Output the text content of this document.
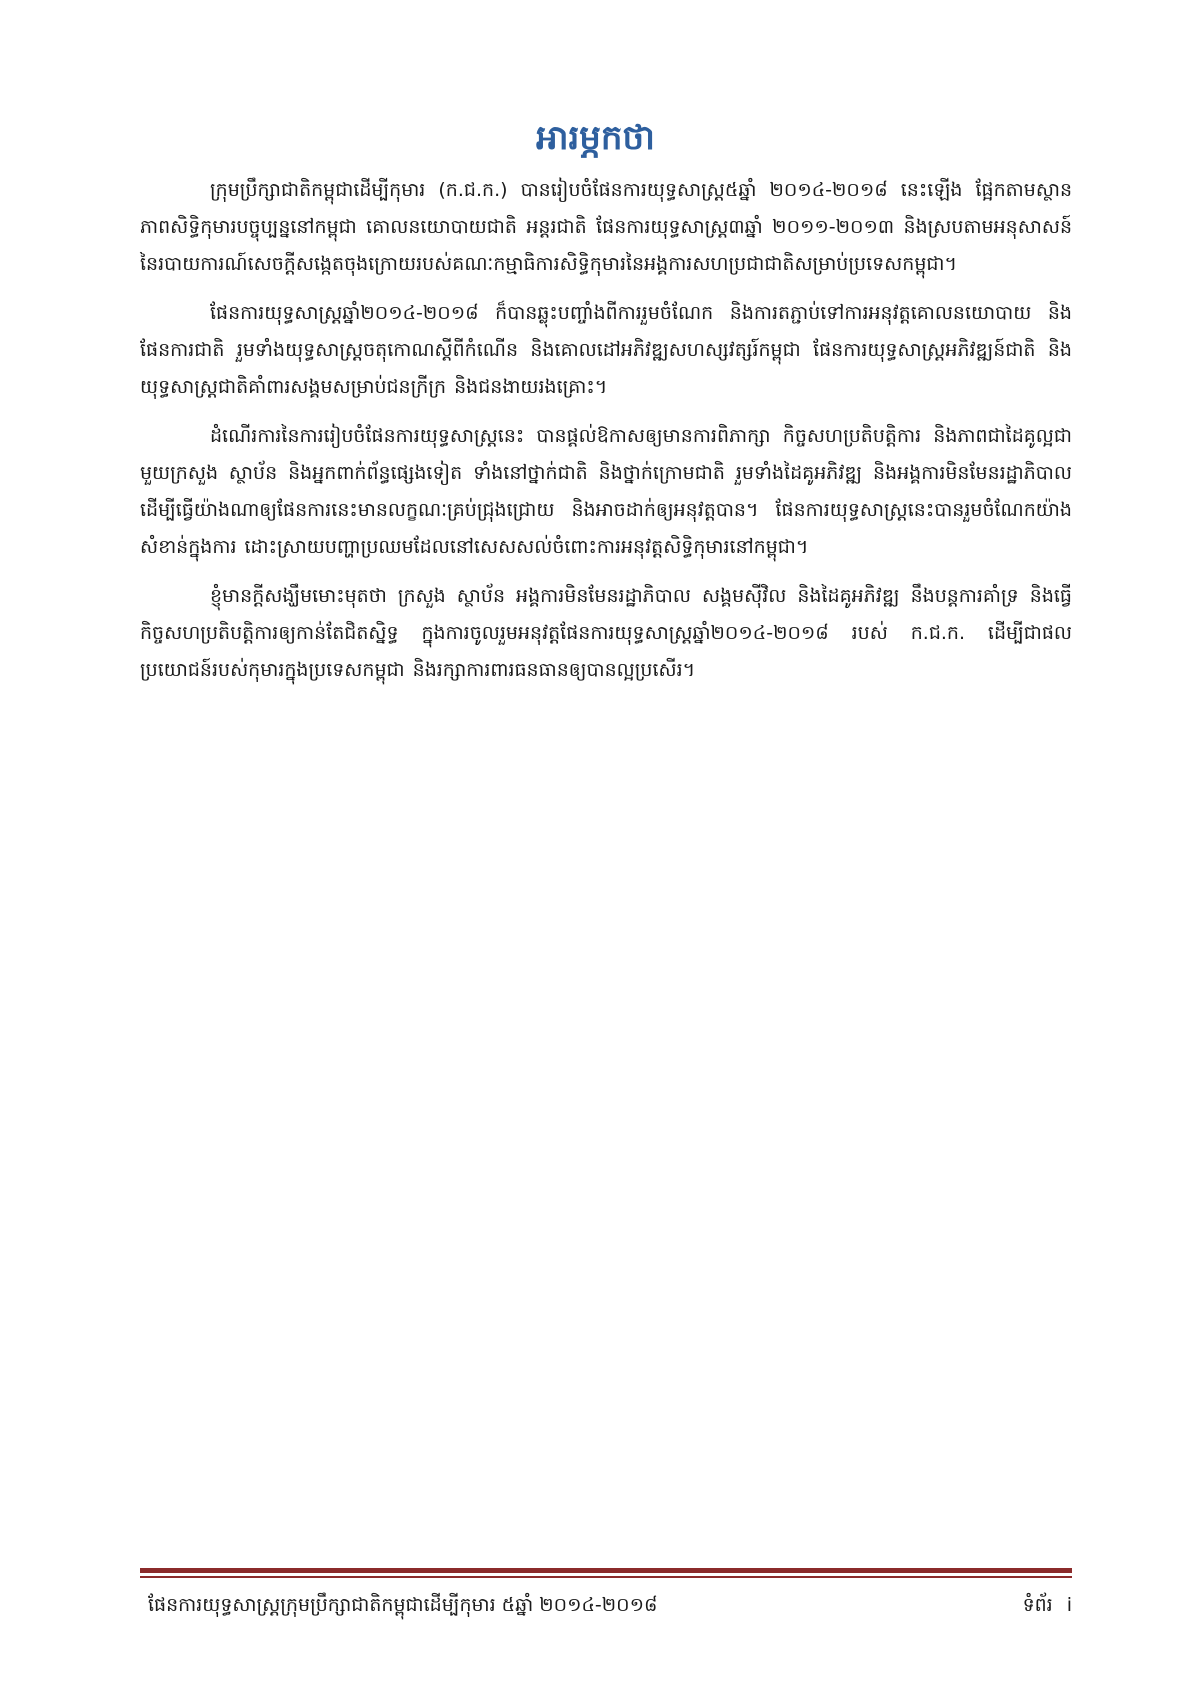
អារម្ភកថា

ក្រុមប្រឹក្សាជាតិកម្ពុជាដើម្បីកុមារ (ក.ជ.ក.) បានរៀបចំផែនការយុទ្ធសាស្ត្រ៥ឆ្នាំ ២០១៤-២០១៨ នេះឡើង ផ្អែកតាមស្ថានភាពសិទ្ធិកុមារបច្ចុប្បន្ននៅកម្ពុជា គោលនយោបាយជាតិ អន្តរជាតិ ផែនការយុទ្ធសាស្ត្រ៣ឆ្នាំ ២០១១-២០១៣ និងស្របតាមអនុសាសន៍នៃរបាយការណ៍សេចក្តីសង្កេតចុងក្រោយរបស់គណៈកម្មាធិការសិទ្ធិកុមារនៃអង្គការសហប្រជាជាតិសម្រាប់ប្រទេសកម្ពុជា។

ផែនការយុទ្ធសាស្ត្រឆ្នាំ២០១៤-២០១៨ ក៏បានឆ្លុះបញ្ចាំងពីការរួមចំណែក និងការតភ្ជាប់ទៅការអនុវត្តគោលនយោបាយ និងផែនការជាតិ រួមទាំងយុទ្ធសាស្ត្រចតុកោណស្តីពីកំណើន និងគោលដៅអភិវឌ្ឍសហស្សវត្សរ៍កម្ពុជា ផែនការយុទ្ធសាស្ត្រអភិវឌ្ឍន៍ជាតិ និងយុទ្ធសាស្ត្រជាតិគាំពារសង្គមសម្រាប់ជនក្រីក្រ និងជនងាយរងគ្រោះ។

ដំណើរការនៃការរៀបចំផែនការយុទ្ធសាស្ត្រនេះ បានផ្តល់ឱកាសឲ្យមានការពិភាក្សា កិច្ចសហប្រតិបត្តិការ និងភាពជាដៃគូល្អជាមួយក្រសួង ស្ថាប័ន និងអ្នកពាក់ព័ន្ធផ្សេងទៀត ទាំងនៅថ្នាក់ជាតិ និងថ្នាក់ក្រោមជាតិ រួមទាំងដៃគូអភិវឌ្ឍ និងអង្គការមិនមែនរដ្ឋាភិបាល ដើម្បីធ្វើយ៉ាងណាឲ្យផែនការនេះមានលក្ខណៈគ្រប់ជ្រុងជ្រោយ និងអាចដាក់ឲ្យអនុវត្តបាន។ ផែនការយុទ្ធសាស្ត្រនេះបានរួមចំណែកយ៉ាងសំខាន់ក្នុងការ ដោះស្រាយបញ្ហាប្រឈមដែលនៅសេសសល់ចំពោះការអនុវត្តសិទ្ធិកុមារនៅកម្ពុជា។

ខ្ញុំមានក្តីសង្ឃឹមមោះមុតថា ក្រសួង ស្ថាប័ន អង្គការមិនមែនរដ្ឋាភិបាល សង្គមស៊ីវិល និងដៃគូអភិវឌ្ឍ នឹងបន្តការគាំទ្រ និងធ្វើកិច្ចសហប្រតិបត្តិការឲ្យកាន់តែជិតស្និទ្ធ ក្នុងការចូលរួមអនុវត្តផែនការយុទ្ធសាស្ត្រឆ្នាំ២០១៤-២០១៨ របស់ ក.ជ.ក. ដើម្បីជាផលប្រយោជន៍របស់កុមារក្នុងប្រទេសកម្ពុជា និងរក្សាការពារធនធានឲ្យបានល្អប្រសើរ។

ផែនការយុទ្ធសាស្ត្រក្រុមប្រឹក្សាជាតិកម្ពុជាដើម្បីកុមារ ៥ឆ្នាំ ២០១៤-២០១៨	ទំព័រ i
